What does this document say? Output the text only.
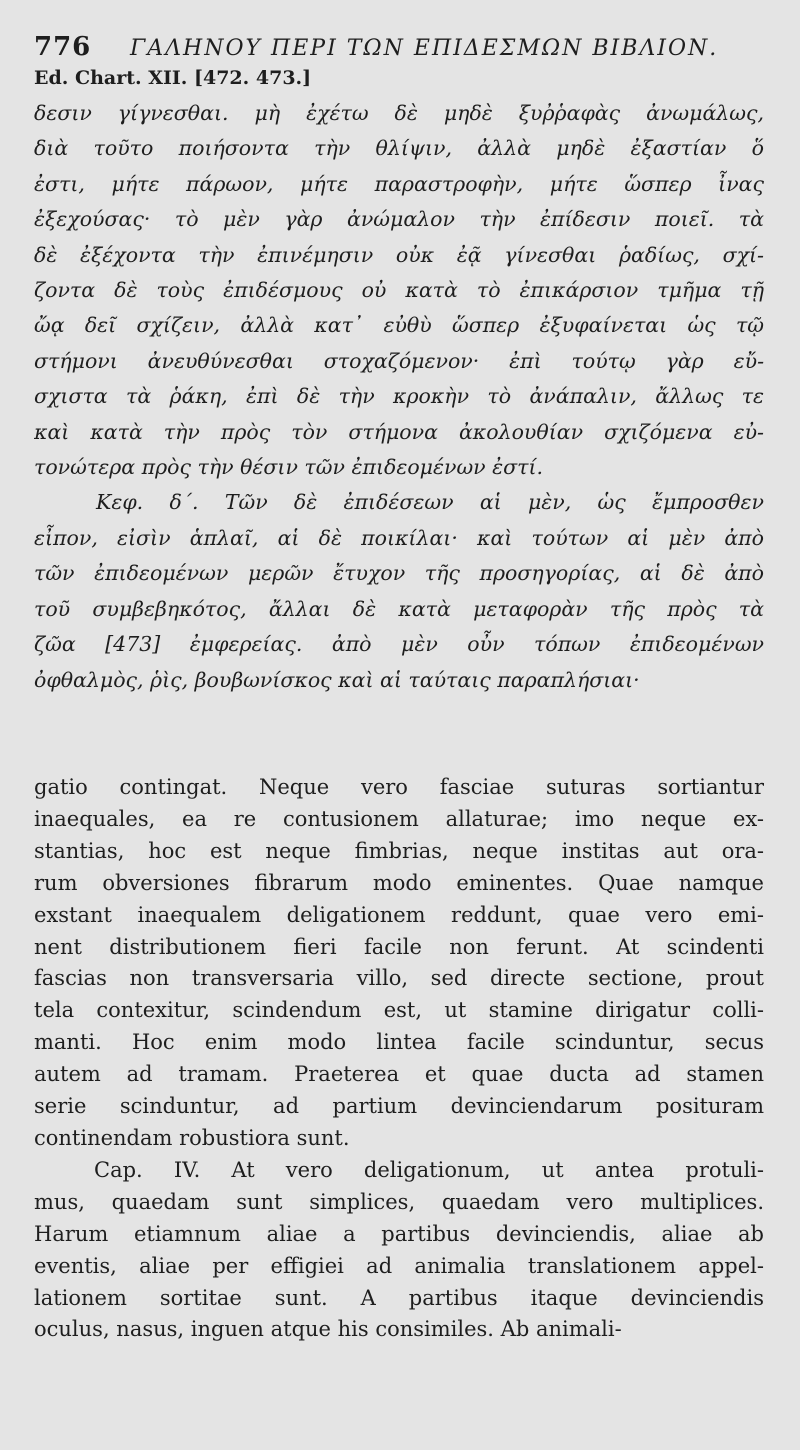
776 ΓΑΛΗΝΟΥ ΠΕΡΙ ΤΩΝ ΕΠΙΔΕΣΜΩΝ ΒΙΒΛΙΟΝ.
Ed. Chart. XII. [472. 473.]
δεσιν γίγνεσθαι. μὴ ἐχέτω δὲ μηδὲ ξυῤῥαφὰς ἀνωμάλως,
διὰ τοῦτο ποιήσοντα τὴν θλίψιν, ἀλλὰ μηδὲ ἐξαστίαν ὅ
ἐστι, μήτε πάρωον, μήτε παραστροφὴν, μήτε ὥσπερ ἶνας
ἐξεχούσας· τὸ μὲν γὰρ ἀνώμαλον τὴν ἐπίδεσιν ποιεῖ. τὰ
δὲ ἐξέχοντα τὴν ἐπινέμησιν οὐκ ἐᾷ γίνεσθαι ῥαδίως, σχί-
ζοντα δὲ τοὺς ἐπιδέσμους οὐ κατὰ τὸ ἐπικάρσιον τμῆμα τῇ
ὤᾳ δεῖ σχίζειν, ἀλλὰ κατ᾽ εὐθὺ ὥσπερ ἐξυφαίνεται ὡς τῷ
στήμονι ἀνευθύνεσθαι στοχαζόμενον· ἐπὶ τούτῳ γὰρ εὔ-
σχιστα τὰ ῥάκη, ἐπὶ δὲ τὴν κροκὴν τὸ ἀνάπαλιν, ἄλλως τε
καὶ κατὰ τὴν πρὸς τὸν στήμονα ἀκολουθίαν σχιζόμενα εὐ-
τονώτερα πρὸς τὴν θέσιν τῶν ἐπιδεομένων ἐστί.
Κεφ. δ΄. Τῶν δὲ ἐπιδέσεων αἱ μὲν, ὡς ἔμπροσθεν
εἶπον, εἰσὶν ἁπλαῖ, αἱ δὲ ποικίλαι· καὶ τούτων αἱ μὲν ἀπὸ
τῶν ἐπιδεομένων μερῶν ἔτυχον τῆς προσηγορίας, αἱ δὲ ἀπὸ
τοῦ συμβεβηκότος, ἄλλαι δὲ κατὰ μεταφορὰν τῆς πρὸς τὰ
ζῶα [473] ἐμφερείας. ἀπὸ μὲν οὖν τόπων ἐπιδεομένων
ὀφθαλμὸς, ῥὶς, βουβωνίσκος καὶ αἱ ταύταις παραπλήσιαι·
gatio contingat. Neque vero fasciae suturas sortiantur
inaequales, ea re contusionem allaturae; imo neque ex-
stantias, hoc est neque fimbrias, neque institas aut ora-
rum obversiones fibrarum modo eminentes. Quae namque
exstant inaequalem deligationem reddunt, quae vero emi-
nent distributionem fieri facile non ferunt. At scindenti
fascias non transversaria villo, sed directe sectione, prout
tela contexitur, scindendum est, ut stamine dirigatur colli-
manti. Hoc enim modo lintea facile scinduntur, secus
autem ad tramam. Praeterea et quae ducta ad stamen
serie scinduntur, ad partium devinciendarum posituram
continendam robustiora sunt.
Cap. IV. At vero deligationum, ut antea protuli-
mus, quaedam sunt simplices, quaedam vero multiplices.
Harum etiamnum aliae a partibus devinciendis, aliae ab
eventis, aliae per effigiei ad animalia translationem appel-
lationem sortitae sunt. A partibus itaque devinciendis
oculus, nasus, inguen atque his consimiles. Ab animali-
